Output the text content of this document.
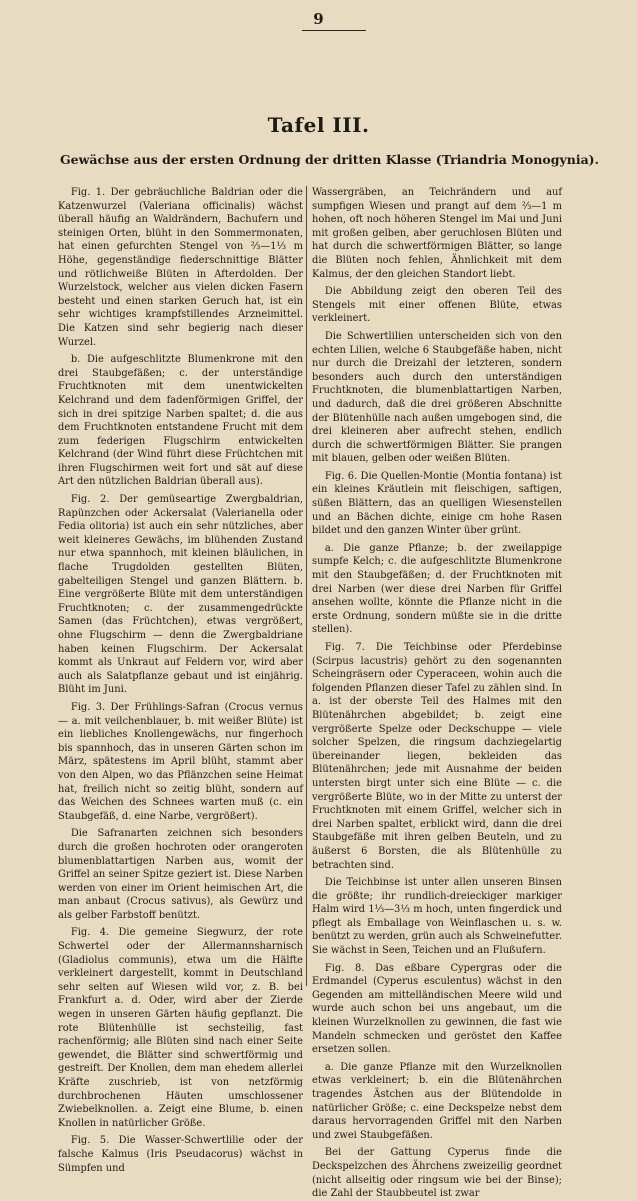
9
Tafel III.
Gewächse aus der ersten Ordnung der dritten Klasse (Triandria Monogynia).

Fig. 1. Der gebräuchliche Baldrian oder die Katzenwurzel (Valeriana officinalis) wächst überall häufig an Waldrändern, Bachufern und steinigen Orten, blüht in den Sommermonaten, hat einen gefurchten Stengel von ⅔—1⅓ m Höhe, gegenständige fiederschnittige Blätter und rötlichweiße Blüten in Afterdolden. Der Wurzelstock, welcher aus vielen dicken Fasern besteht und einen starken Geruch hat, ist ein sehr wichtiges krampfstillendes Arzneimittel. Die Katzen sind sehr begierig nach dieser Wurzel.

b. Die aufgeschlitzte Blumenkrone mit den drei Staubgefäßen; c. der unterständige Fruchtknoten mit dem unentwickelten Kelchrand und dem fadenförmigen Griffel, der sich in drei spitzige Narben spaltet; d. die aus dem Fruchtknoten entstandene Frucht mit dem zum federigen Flugschirm entwickelten Kelchrand (der Wind führt diese Früchtchen mit ihren Flugschirmen weit fort und sät auf diese Art den nützlichen Baldrian überall aus).

Fig. 2. Der gemüseartige Zwergbaldrian, Rapünzchen oder Ackersalat (Valerianella oder Fedia olitoria) ist auch ein sehr nützliches, aber weit kleineres Gewächs, im blühenden Zustand nur etwa spannhoch, mit kleinen bläulichen, in flache Trugdolden gestellten Blüten, gabelteiligen Stengel und ganzen Blättern. b. Eine vergrößerte Blüte mit dem unterständigen Fruchtknoten; c. der zusammengedrückte Samen (das Früchtchen), etwas vergrößert, ohne Flugschirm — denn die Zwergbaldriane haben keinen Flugschirm. Der Ackersalat kommt als Unkraut auf Feldern vor, wird aber auch als Salatpflanze gebaut und ist einjährig. Blüht im Juni.

Fig. 3. Der Frühlings-Safran (Crocus vernus — a. mit veilchenblauer, b. mit weißer Blüte) ist ein liebliches Knollengewächs, nur fingerhoch bis spannhoch, das in unseren Gärten schon im März, spätestens im April blüht, stammt aber von den Alpen, wo das Pflänzchen seine Heimat hat, freilich nicht so zeitig blüht, sondern auf das Weichen des Schnees warten muß (c. ein Staubgefäß, d. eine Narbe, vergrößert).

Die Safranarten zeichnen sich besonders durch die großen hochroten oder orangeroten blumenblattartigen Narben aus, womit der Griffel an seiner Spitze geziert ist. Diese Narben werden von einer im Orient heimischen Art, die man anbaut (Crocus sativus), als Gewürz und als gelber Farbstoff benützt.

Fig. 4. Die gemeine Siegwurz, der rote Schwertel oder der Allermannsharnisch (Gladiolus communis), etwa um die Hälfte verkleinert dargestellt, kommt in Deutschland sehr selten auf Wiesen wild vor, z. B. bei Frankfurt a. d. Oder, wird aber der Zierde wegen in unseren Gärten häufig gepflanzt. Die rote Blütenhülle ist sechsteilig, fast rachenförmig; alle Blüten sind nach einer Seite gewendet, die Blätter sind schwertförmig und gestreift. Der Knollen, dem man ehedem allerlei Kräfte zuschrieb, ist von netzförmig durchbrochenen Häuten umschlossener Zwiebelknollen. a. Zeigt eine Blume, b. einen Knollen in natürlicher Größe.

Fig. 5. Die Wasser-Schwertlilie oder der falsche Kalmus (Iris Pseudacorus) wächst in Sümpfen und

Wassergräben, an Teichrändern und auf sumpfigen Wiesen und prangt auf dem ⅔—1 m hohen, oft noch höheren Stengel im Mai und Juni mit großen gelben, aber geruchlosen Blüten und hat durch die schwertförmigen Blätter, so lange die Blüten noch fehlen, Ähnlichkeit mit dem Kalmus, der den gleichen Standort liebt.

Die Abbildung zeigt den oberen Teil des Stengels mit einer offenen Blüte, etwas verkleinert.

Die Schwertlilien unterscheiden sich von den echten Lilien, welche 6 Staubgefäße haben, nicht nur durch die Dreizahl der letzteren, sondern besonders auch durch den unterständigen Fruchtknoten, die blumenblattartigen Narben, und dadurch, daß die drei größeren Abschnitte der Blütenhülle nach außen umgebogen sind, die drei kleineren aber aufrecht stehen, endlich durch die schwertförmigen Blätter. Sie prangen mit blauen, gelben oder weißen Blüten.

Fig. 6. Die Quellen-Montie (Montia fontana) ist ein kleines Kräutlein mit fleischigen, saftigen, süßen Blättern, das an quelligen Wiesenstellen und an Bächen dichte, einige cm hohe Rasen bildet und den ganzen Winter über grünt.

a. Die ganze Pflanze; b. der zweilappige sumpfe Kelch; c. die aufgeschlitzte Blumenkrone mit den Staubgefäßen; d. der Fruchtknoten mit drei Narben (wer diese drei Narben für Griffel ansehen wollte, könnte die Pflanze nicht in die erste Ordnung, sondern müßte sie in die dritte stellen).

Fig. 7. Die Teichbinse oder Pferdebinse (Scirpus lacustris) gehört zu den sogenannten Scheingräsern oder Cyperaceen, wohin auch die folgenden Pflanzen dieser Tafel zu zählen sind. In a. ist der oberste Teil des Halmes mit den Blütenährchen abgebildet; b. zeigt eine vergrößerte Spelze oder Deckschuppe — viele solcher Spelzen, die ringsum dachziegelartig übereinander liegen, bekleiden das Blütenährchen; jede mit Ausnahme der beiden untersten birgt unter sich eine Blüte — c. die vergrößerte Blüte, wo in der Mitte zu unterst der Fruchtknoten mit einem Griffel, welcher sich in drei Narben spaltet, erblickt wird, dann die drei Staubgefäße mit ihren gelben Beuteln, und zu äußerst 6 Borsten, die als Blütenhülle zu betrachten sind.

Die Teichbinse ist unter allen unseren Binsen die größte; ihr rundlich-dreieckiger markiger Halm wird 1⅓—3⅓ m hoch, unten fingerdick und pflegt als Emballage von Weinflaschen u. s. w. benützt zu werden, grün auch als Schweinefutter. Sie wächst in Seen, Teichen und an Flußufern.

Fig. 8. Das eßbare Cypergras oder die Erdmandel (Cyperus esculentus) wächst in den Gegenden am mittelländischen Meere wild und wurde auch schon bei uns angebaut, um die kleinen Wurzelknollen zu gewinnen, die fast wie Mandeln schmecken und geröstet den Kaffee ersetzen sollen.

a. Die ganze Pflanze mit den Wurzelknollen etwas verkleinert; b. ein die Blütenährchen tragendes Ästchen aus der Blütendolde in natürlicher Größe; c. eine Deckspelze nebst dem daraus hervorragenden Griffel mit den Narben und zwei Staubgefäßen.

Bei der Gattung Cyperus finde die Deckspelzchen des Ährchens zweizeilig geordnet (nicht allseitig oder ringsum wie bei der Binse); die Zahl der Staubbeutel ist zwar
